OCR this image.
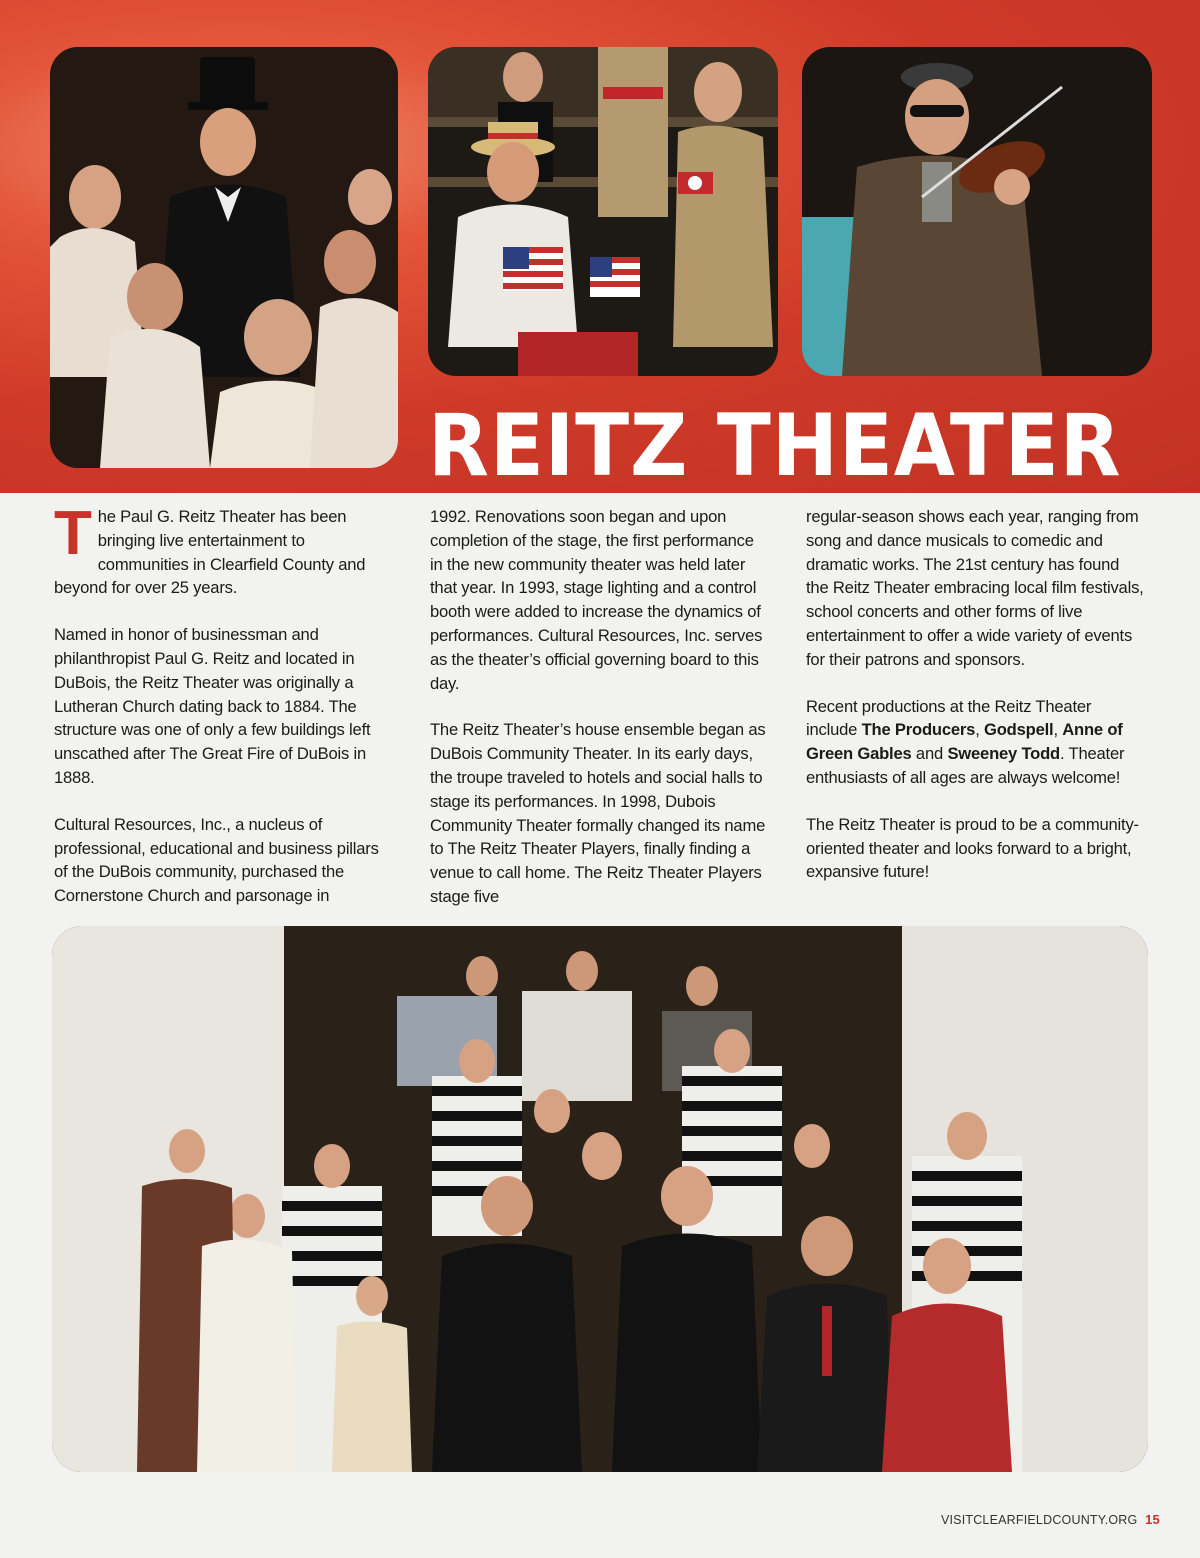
REITZ THEATER

The Paul G. Reitz Theater has been bringing live entertainment to communities in Clearfield County and beyond for over 25 years.

Named in honor of businessman and philanthropist Paul G. Reitz and located in DuBois, the Reitz Theater was originally a Lutheran Church dating back to 1884. The structure was one of only a few buildings left unscathed after The Great Fire of DuBois in 1888.

Cultural Resources, Inc., a nucleus of professional, educational and business pillars of the DuBois community, purchased the Cornerstone Church and parsonage in

1992. Renovations soon began and upon completion of the stage, the first performance in the new community theater was held later that year. In 1993, stage lighting and a control booth were added to increase the dynamics of performances. Cultural Resources, Inc. serves as the theater’s official governing board to this day.

The Reitz Theater’s house ensemble began as DuBois Community Theater. In its early days, the troupe traveled to hotels and social halls to stage its performances. In 1998, Dubois Community Theater formally changed its name to The Reitz Theater Players, finally finding a venue to call home. The Reitz Theater Players stage five

regular-season shows each year, ranging from song and dance musicals to comedic and dramatic works. The 21st century has found the Reitz Theater embracing local film festivals, school concerts and other forms of live entertainment to offer a wide variety of events for their patrons and sponsors.

Recent productions at the Reitz Theater include The Producers, Godspell, Anne of Green Gables and Sweeney Todd. Theater enthusiasts of all ages are always welcome!

The Reitz Theater is proud to be a community-oriented theater and looks forward to a bright, expansive future!

VISITCLEARFIELDCOUNTY.ORG 15
